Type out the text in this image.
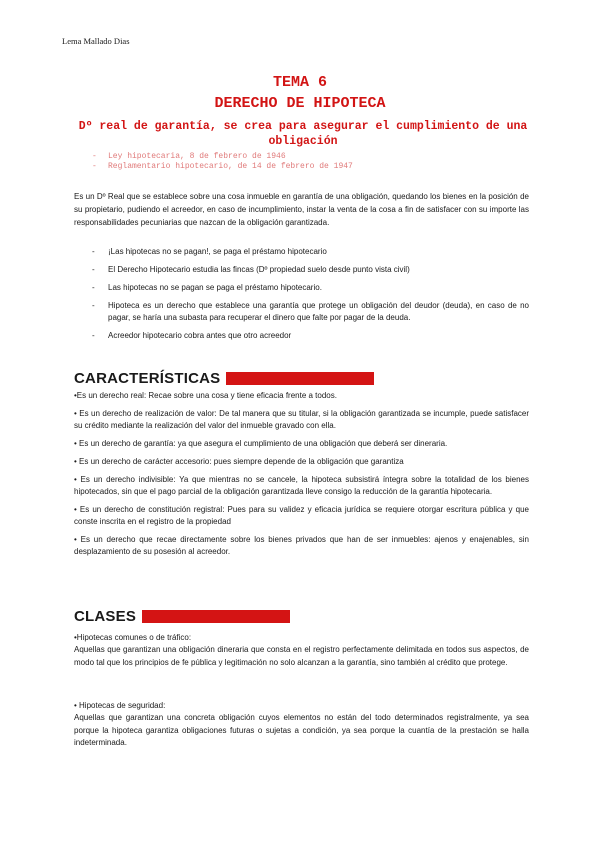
Lema Mallado Dias
TEMA 6
DERECHO DE HIPOTECA
Dº real de garantía, se crea para asegurar el cumplimiento de una obligación
- Ley hipotecaria, 8 de febrero de 1946
- Reglamentario hipotecario, de 14 de febrero de 1947

Es un Dº Real que se establece sobre una cosa inmueble en garantía de una obligación, quedando los bienes en la posición de su propietario, pudiendo el acreedor, en caso de incumplimiento, instar la venta de la cosa a fin de satisfacer con su importe las responsabilidades pecuniarias que nazcan de la obligación garantizada.

- ¡Las hipotecas no se pagan!, se paga el préstamo hipotecario
- El Derecho Hipotecario estudia las fincas (Dº propiedad suelo desde punto vista civil)
- Las hipotecas no se pagan se paga el préstamo hipotecario.
- Hipoteca es un derecho que establece una garantía que protege un obligación del deudor (deuda), en caso de no pagar, se haría una subasta para recuperar el dinero que falte por pagar de la deuda.
- Acreedor hipotecario cobra antes que otro acreedor
CARACTERÍSTICAS
•Es un derecho real: Recae sobre una cosa y tiene eficacia frente a todos.
• Es un derecho de realización de valor: De tal manera que su titular, si la obligación garantizada se incumple, puede satisfacer su crédito mediante la realización del valor del inmueble gravado con ella.
• Es un derecho de garantía: ya que asegura el cumplimiento de una obligación que deberá ser dineraria.
• Es un derecho de carácter accesorio: pues siempre depende de la obligación que garantiza
• Es un derecho indivisible: Ya que mientras no se cancele, la hipoteca subsistirá íntegra sobre la totalidad de los bienes hipotecados, sin que el pago parcial de la obligación garantizada lleve consigo la reducción de la garantía hipotecaria.
• Es un derecho de constitución registral: Pues para su validez y eficacia jurídica se requiere otorgar escritura pública y que conste inscrita en el registro de la propiedad
• Es un derecho que recae directamente sobre los bienes privados que han de ser inmuebles: ajenos y enajenables, sin desplazamiento de su posesión al acreedor.
CLASES
•Hipotecas comunes o de tráfico:
Aquellas que garantizan una obligación dineraria que consta en el registro perfectamente delimitada en todos sus aspectos, de modo tal que los principios de fe pública y legitimación no solo alcanzan a la garantía, sino también al crédito que protege.
• Hipotecas de seguridad:
Aquellas que garantizan una concreta obligación cuyos elementos no están del todo determinados registralmente, ya sea porque la hipoteca garantiza obligaciones futuras o sujetas a condición, ya sea porque la cuantía de la prestación se halla indeterminada.
